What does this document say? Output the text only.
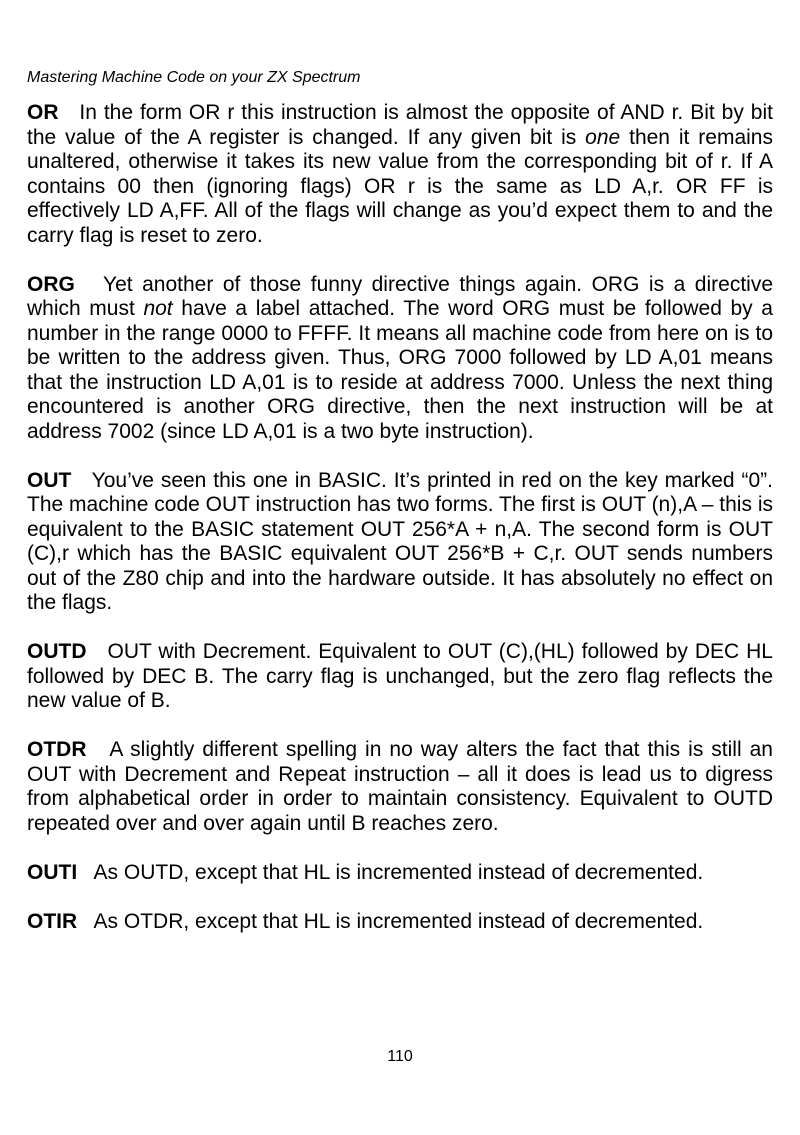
Mastering Machine Code on your ZX Spectrum

OR In the form OR r this instruction is almost the opposite of AND r. Bit by bit the value of the A register is changed. If any given bit is one then it remains unaltered, otherwise it takes its new value from the corresponding bit of r. If A contains 00 then (ignoring flags) OR r is the same as LD A,r. OR FF is effectively LD A,FF. All of the flags will change as you’d expect them to and the carry flag is reset to zero.

ORG Yet another of those funny directive things again. ORG is a directive which must not have a label attached. The word ORG must be followed by a number in the range 0000 to FFFF. It means all machine code from here on is to be written to the address given. Thus, ORG 7000 followed by LD A,01 means that the instruction LD A,01 is to reside at address 7000. Unless the next thing encountered is another ORG directive, then the next instruction will be at address 7002 (since LD A,01 is a two byte instruction).

OUT You’ve seen this one in BASIC. It’s printed in red on the key marked “0”. The machine code OUT instruction has two forms. The first is OUT (n),A – this is equivalent to the BASIC statement OUT 256*A + n,A. The second form is OUT (C),r which has the BASIC equivalent OUT 256*B + C,r. OUT sends numbers out of the Z80 chip and into the hardware outside. It has absolutely no effect on the flags.

OUTD OUT with Decrement. Equivalent to OUT (C),(HL) followed by DEC HL followed by DEC B. The carry flag is unchanged, but the zero flag reflects the new value of B.

OTDR A slightly different spelling in no way alters the fact that this is still an OUT with Decrement and Repeat instruction – all it does is lead us to digress from alphabetical order in order to maintain consistency. Equivalent to OUTD repeated over and over again until B reaches zero.

OUTI As OUTD, except that HL is incremented instead of decremented.

OTIR As OTDR, except that HL is incremented instead of decremented.

110
